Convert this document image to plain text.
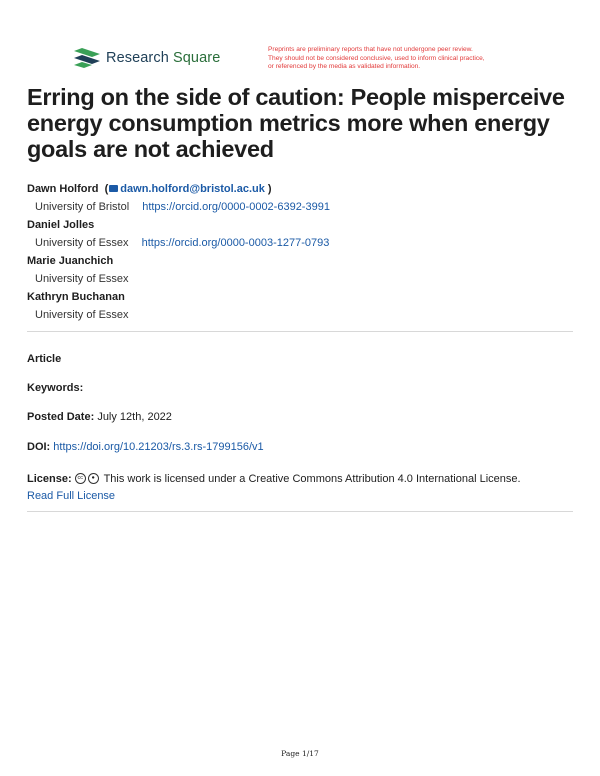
Research Square
Preprints are preliminary reports that have not undergone peer review.
They should not be considered conclusive, used to inform clinical practice,
or referenced by the media as validated information.
Erring on the side of caution: People misperceive energy consumption metrics more when energy goals are not achieved
Dawn Holford  ( dawn.holford@bristol.ac.uk )
University of Bristol https://orcid.org/0000-0002-6392-3991
Daniel Jolles
University of Essex https://orcid.org/0000-0003-1277-0793
Marie Juanchich
University of Essex
Kathryn Buchanan
University of Essex
Article
Keywords:
Posted Date: July 12th, 2022
DOI: https://doi.org/10.21203/rs.3.rs-1799156/v1
License: cc ● This work is licensed under a Creative Commons Attribution 4.0 International License.
Read Full License
Page 1/17
